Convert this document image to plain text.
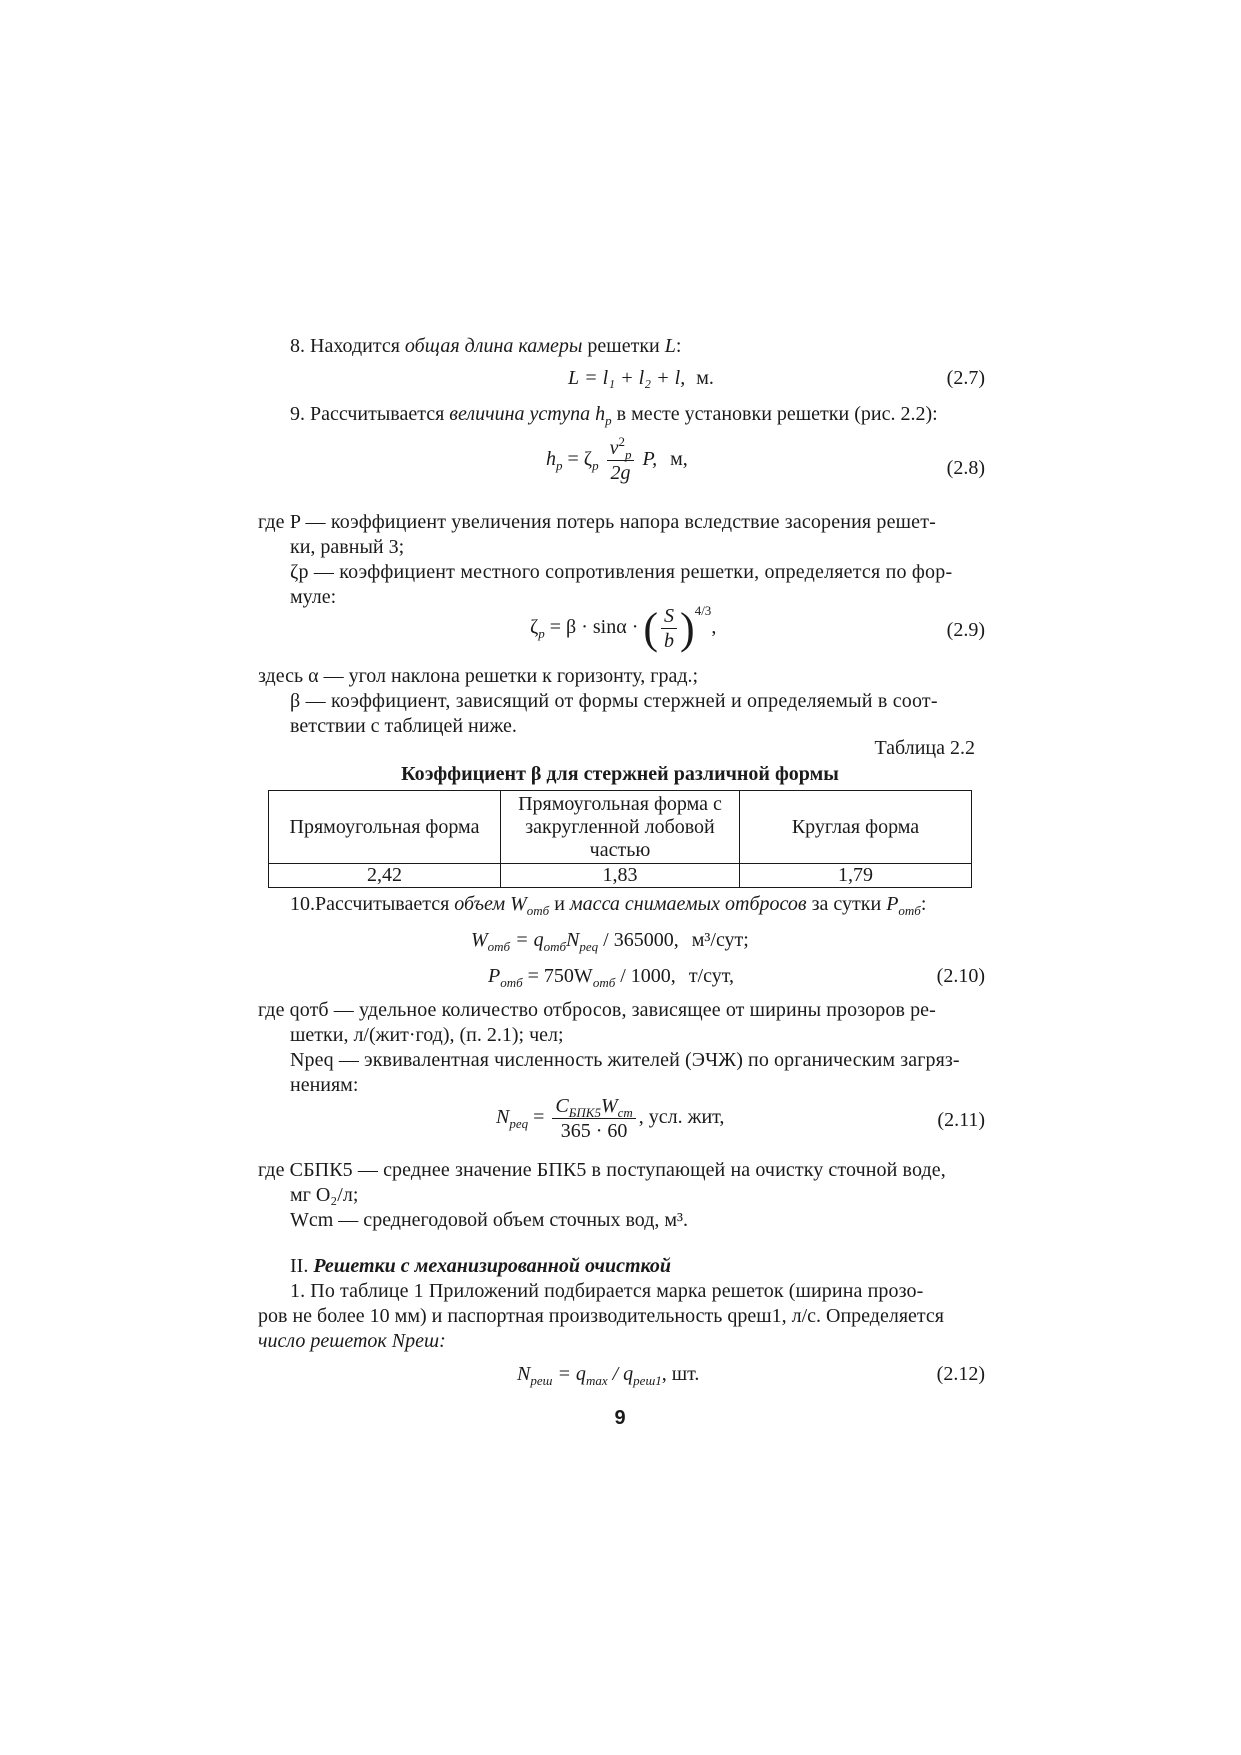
8. Находится общая длина камеры решетки L:
L = l₁ + l₂ + l, м.	(2.7)
9. Рассчитывается величина уступа $h_p$ в месте установки решетки (рис. 2.2):
$h_p = \zeta_p \frac{v^2_p}{2g} P$, м,	(2.8)
где P — коэффициент увеличения потерь напора вследствие засорения решет-
ки, равный 3;
ζp — коэффициент местного сопротивления решетки, определяется по фор-
муле:
$\zeta_p = \beta \cdot \sin\alpha$ · ( $\frac{S}{b} )^{4/3}$,	(2.9)
здесь α — угол наклона решетки к горизонту, град.;
β — коэффициент, зависящий от формы стержней и определяемый в соот-
ветствии с таблицей ниже.
Таблица 2.2
Коэффициент β для стержней различной формы
Прямоугольная форма	Прямоугольная форма с
закругленной лобовой
частью	Круглая форма
2,42	1,83	1,79
10.Рассчитывается объем $W_{отб}$ и масса снимаемых отбросов за сутки $P_{отб}$:
$W_{отб} = q_{отб}N_{peq} / 365000$, м³/сут;
$P_{отб} = 750W_{отб} / 1000$, т/сут,	(2.10)
где qотб — удельное количество отбросов, зависящее от ширины прозоров ре-
шетки, л/(жит·год), (п. 2.1); чел;
Npeq — эквивалентная численность жителей (ЭЧЖ) по органическим загряз-
нениям:
$N_{peq} = \frac{C_{БПК5}W_{cm}}{365 \cdot 60}$ , усл. жит,	(2.11)
где CБПК5 — среднее значение БПК5 в поступающей на очистку сточной воде,
мг O₂/л;
Wcm — среднегодовой объем сточных вод, м³.
II. Решетки с механизированной очисткой
1. По таблице 1 Приложений подбирается марка решеток (ширина прозо-
ров не более 10 мм) и паспортная производительность qреш1, л/с. Определяется
число решеток Nреш:
$N_{реш} = q_{max} / q_{реш1}$, шт.	(2.12)
9
